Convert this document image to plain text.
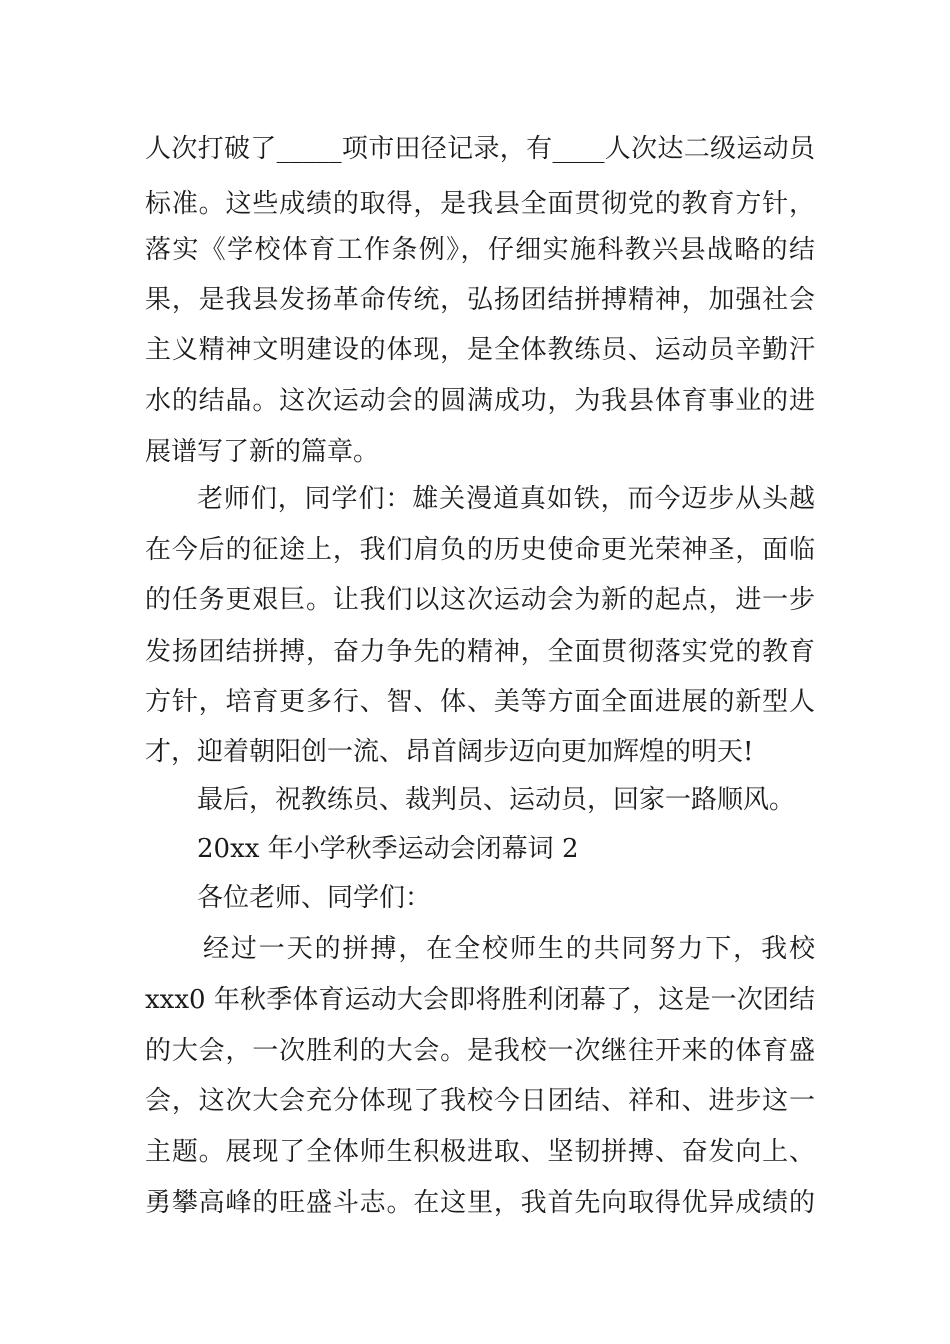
人次打破了_____项市田径记录，有____人次达二级运动员
标准。这些成绩的取得，是我县全面贯彻党的教育方针，
落实《学校体育工作条例》，仔细实施科教兴县战略的结
果，是我县发扬革命传统，弘扬团结拼搏精神，加强社会
主义精神文明建设的体现，是全体教练员、运动员辛勤汗
水的结晶。这次运动会的圆满成功，为我县体育事业的进
展谱写了新的篇章。
老师们，同学们：雄关漫道真如铁，而今迈步从头越
在今后的征途上，我们肩负的历史使命更光荣神圣，面临
的任务更艰巨。让我们以这次运动会为新的起点，进一步
发扬团结拼搏，奋力争先的精神，全面贯彻落实党的教育
方针，培育更多行、智、体、美等方面全面进展的新型人
才，迎着朝阳创一流、昂首阔步迈向更加辉煌的明天!
最后，祝教练员、裁判员、运动员，回家一路顺风。
20xx 年小学秋季运动会闭幕词 2
各位老师、同学们：
经过一天的拼搏，在全校师生的共同努力下，我校
xxx0 年秋季体育运动大会即将胜利闭幕了，这是一次团结
的大会，一次胜利的大会。是我校一次继往开来的体育盛
会，这次大会充分体现了我校今日团结、祥和、进步这一
主题。展现了全体师生积极进取、坚韧拼搏、奋发向上、
勇攀高峰的旺盛斗志。在这里，我首先向取得优异成绩的
